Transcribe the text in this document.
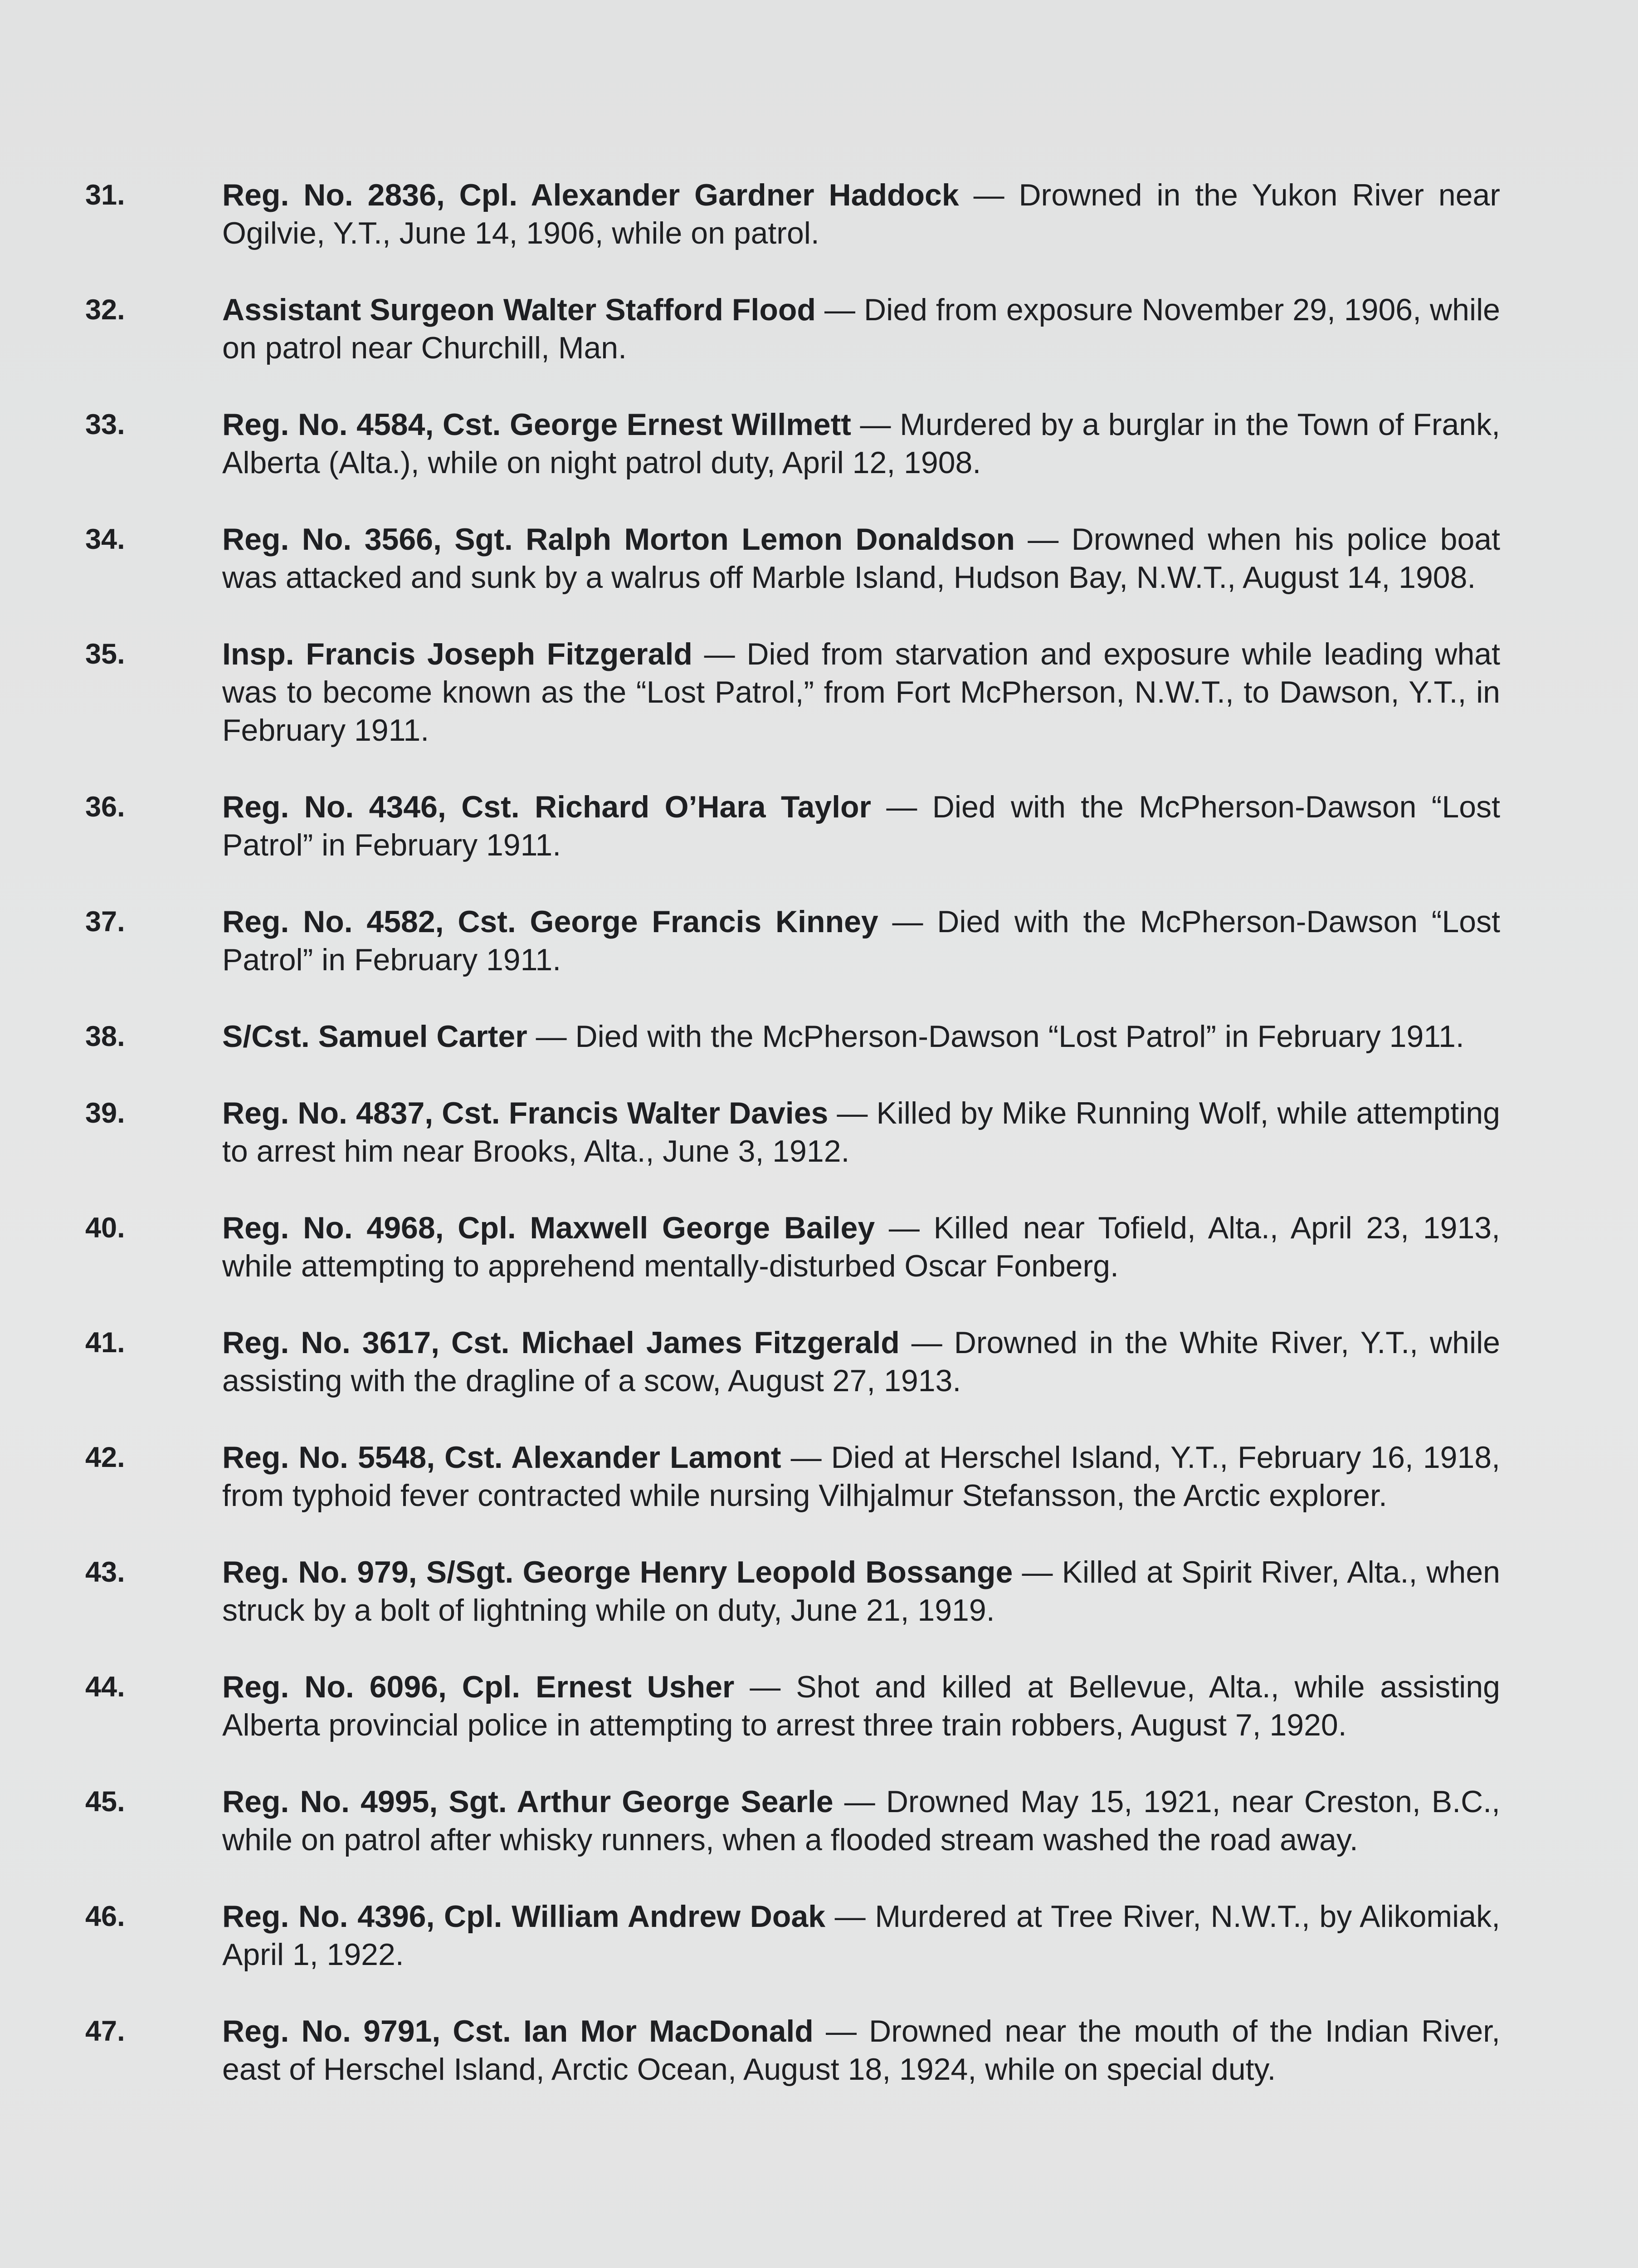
31.	Reg. No. 2836, Cpl. Alexander Gardner Haddock — Drowned in the Yukon River near Ogilvie, Y.T., June 14, 1906, while on patrol.
32.	Assistant Surgeon Walter Stafford Flood — Died from exposure November 29, 1906, while on patrol near Churchill, Man.
33.	Reg. No. 4584, Cst. George Ernest Willmett — Murdered by a burglar in the Town of Frank, Alberta (Alta.), while on night patrol duty, April 12, 1908.
34.	Reg. No. 3566, Sgt. Ralph Morton Lemon Donaldson — Drowned when his police boat was attacked and sunk by a walrus off Marble Island, Hudson Bay, N.W.T., August 14, 1908.
35.	Insp. Francis Joseph Fitzgerald — Died from starvation and exposure while leading what was to become known as the “Lost Patrol,” from Fort McPherson, N.W.T., to Dawson, Y.T., in February 1911.
36.	Reg. No. 4346, Cst. Richard O’Hara Taylor — Died with the McPherson-Dawson “Lost Patrol” in February 1911.
37.	Reg. No. 4582, Cst. George Francis Kinney — Died with the McPherson-Dawson “Lost Patrol” in February 1911.
38.	S/Cst. Samuel Carter — Died with the McPherson-Dawson “Lost Patrol” in February 1911.
39.	Reg. No. 4837, Cst. Francis Walter Davies — Killed by Mike Running Wolf, while attempting to arrest him near Brooks, Alta., June 3, 1912.
40.	Reg. No. 4968, Cpl. Maxwell George Bailey — Killed near Tofield, Alta., April 23, 1913, while attempting to apprehend mentally-disturbed Oscar Fonberg.
41.	Reg. No. 3617, Cst. Michael James Fitzgerald — Drowned in the White River, Y.T., while assisting with the dragline of a scow, August 27, 1913.
42.	Reg. No. 5548, Cst. Alexander Lamont — Died at Herschel Island, Y.T., February 16, 1918, from typhoid fever contracted while nursing Vilhjalmur Stefansson, the Arctic explorer.
43.	Reg. No. 979, S/Sgt. George Henry Leopold Bossange — Killed at Spirit River, Alta., when struck by a bolt of lightning while on duty, June 21, 1919.
44.	Reg. No. 6096, Cpl. Ernest Usher — Shot and killed at Bellevue, Alta., while assisting Alberta provincial police in attempting to arrest three train robbers, August 7, 1920.
45.	Reg. No. 4995, Sgt. Arthur George Searle — Drowned May 15, 1921, near Creston, B.C., while on patrol after whisky runners, when a flooded stream washed the road away.
46.	Reg. No. 4396, Cpl. William Andrew Doak — Murdered at Tree River, N.W.T., by Alikomiak, April 1, 1922.
47.	Reg. No. 9791, Cst. Ian Mor MacDonald — Drowned near the mouth of the Indian River, east of Herschel Island, Arctic Ocean, August 18, 1924, while on special duty.
